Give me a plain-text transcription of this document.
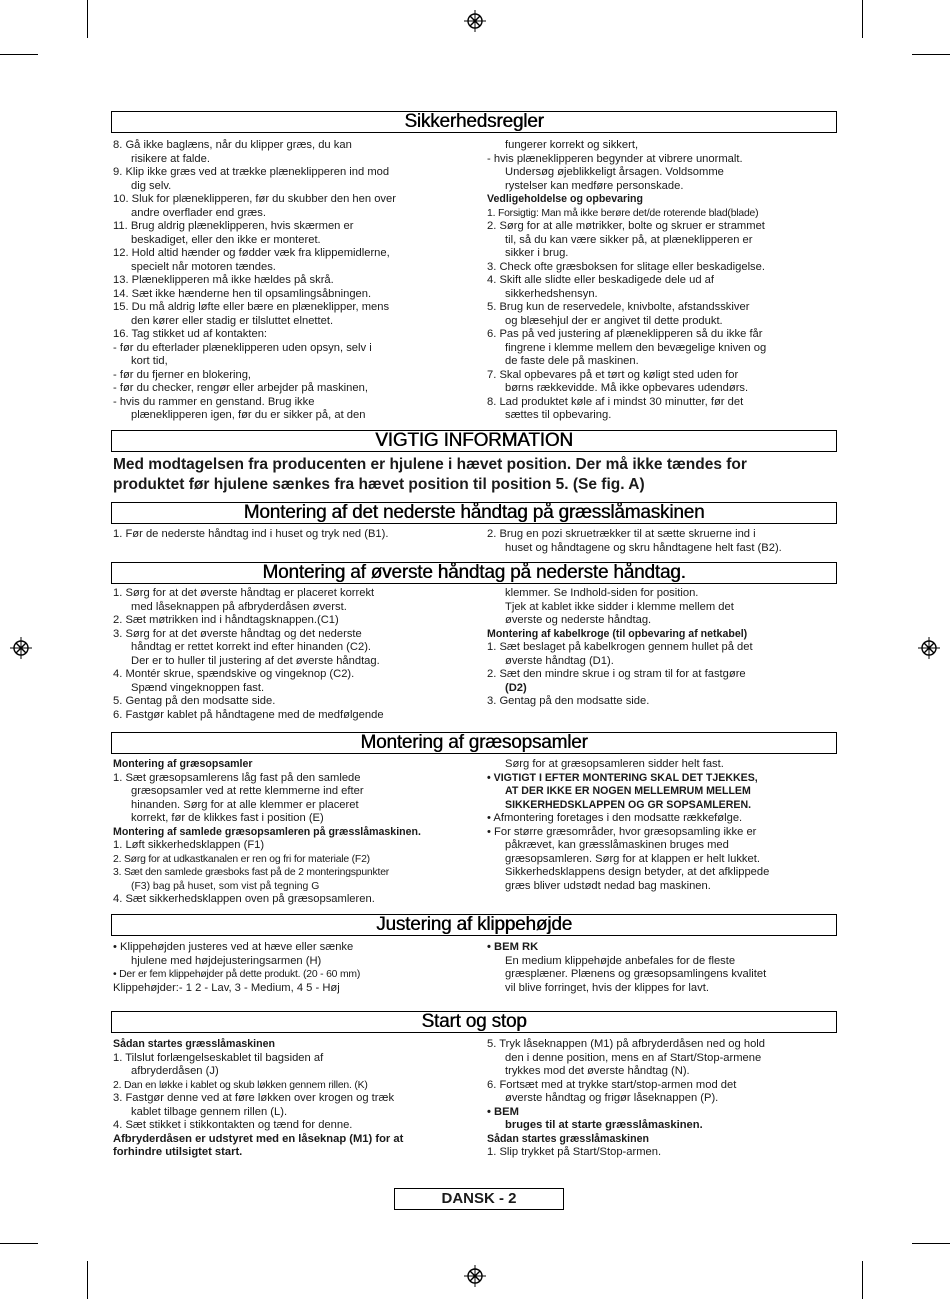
Sikkerhedsregler

8. Gå ikke baglæns, når du klipper græs, du kan

risikere at falde.

9. Klip ikke græs ved at trække plæneklipperen ind mod

dig selv.

10. Sluk for plæneklipperen, før du skubber den hen over

andre overflader end græs.

11. Brug aldrig plæneklipperen, hvis skærmen er

beskadiget, eller den ikke er monteret.

12. Hold altid hænder og fødder væk fra klippemidlerne,

specielt når motoren tændes.

13. Plæneklipperen må ikke hældes på skrå.

14. Sæt ikke hænderne hen til opsamlingsåbningen.

15. Du må aldrig løfte eller bære en plæneklipper, mens

den kører eller stadig er tilsluttet elnettet.

16. Tag stikket ud af kontakten:

- før du efterlader plæneklipperen uden opsyn, selv i

kort tid,

- før du fjerner en blokering,

- før du checker, rengør eller arbejder på maskinen,

- hvis du rammer en genstand. Brug ikke

plæneklipperen igen, før du er sikker på, at den

fungerer korrekt og sikkert,

- hvis plæneklipperen begynder at vibrere unormalt.

Undersøg øjeblikkeligt årsagen. Voldsomme

rystelser kan medføre personskade.

Vedligeholdelse og opbevaring

1. Forsigtig: Man må ikke berøre det/de roterende blad(blade)

2. Sørg for at alle møtrikker, bolte og skruer er strammet

til, så du kan være sikker på, at plæneklipperen er

sikker i brug.

3. Check ofte græsboksen for slitage eller beskadigelse.

4. Skift alle slidte eller beskadigede dele ud af

sikkerhedshensyn.

5. Brug kun de reservedele, knivbolte, afstandsskiver

og blæsehjul der er angivet til dette produkt.

6. Pas på ved justering af plæneklipperen så du ikke får

fingrene i klemme mellem den bevægelige kniven og

de faste dele på maskinen.

7. Skal opbevares på et tørt og køligt sted uden for

børns rækkevidde. Må ikke opbevares udendørs.

8. Lad produktet køle af i mindst 30 minutter, før det

sættes til opbevaring.

VIGTIG INFORMATION

Med modtagelsen fra producenten er hjulene i hævet position. Der må ikke tændes for

produktet før hjulene sænkes fra hævet position til position 5. (Se fig. A)

Montering af det nederste håndtag på græsslåmaskinen

1. Før de nederste håndtag ind i huset og tryk ned (B1).	2. Brug en pozi skruetrækker til at sætte skruerne ind i

huset og håndtagene og skru håndtagene helt fast (B2).

Montering af øverste håndtag på nederste håndtag.

1. Sørg for at det øverste håndtag er placeret korrekt

med låseknappen på afbryderdåsen øverst.

2. Sæt møtrikken ind i håndtagsknappen.(C1)

3. Sørg for at det øverste håndtag og det nederste

håndtag er rettet korrekt ind efter hinanden (C2).

Der er to huller til justering af det øverste håndtag.

4. Montér skrue, spændskive og vingeknop (C2).

Spænd vingeknoppen fast.

5. Gentag på den modsatte side.

6. Fastgør kablet på håndtagene med de medfølgende

klemmer. Se Indhold-siden for position.

Tjek at kablet ikke sidder i klemme mellem det

øverste og nederste håndtag.

Montering af kabelkroge (til opbevaring af netkabel)

1. Sæt beslaget på kabelkrogen gennem hullet på det

øverste håndtag (D1).

2. Sæt den mindre skrue i og stram til for at fastgøre

(D2)

3. Gentag på den modsatte side.

Montering af græsopsamler

Montering af græsopsamler

1. Sæt græsopsamlerens låg fast på den samlede

græsopsamler ved at rette klemmerne ind efter

hinanden. Sørg for at alle klemmer er placeret

korrekt, før de klikkes fast i position (E)

Montering af samlede græsopsamleren på græsslåmaskinen.

1. Løft sikkerhedsklappen (F1)

2. Sørg for at udkastkanalen er ren og fri for materiale (F2)

3. Sæt den samlede græsboks fast på de 2 monteringspunkter

(F3) bag på huset, som vist på tegning G

4. Sæt sikkerhedsklappen oven på græsopsamleren.

Sørg for at græsopsamleren sidder helt fast.

• VIGTIGT I EFTER MONTERING SKAL DET TJEKKES,

AT DER IKKE ER NOGEN MELLEMRUM MELLEM

SIKKERHEDSKLAPPEN OG GR SOPSAMLEREN.

• Afmontering foretages i den modsatte rækkefølge.

• For større græsområder, hvor græsopsamling ikke er

påkrævet, kan græsslåmaskinen bruges med

græsopsamleren. Sørg for at klappen er helt lukket.

Sikkerhedsklappens design betyder, at det afklippede

græs bliver udstødt nedad bag maskinen.

Justering af klippehøjde

• Klippehøjden justeres ved at hæve eller sænke

hjulene med højdejusteringsarmen (H)

• Der er fem klippehøjder på dette produkt. (20 - 60 mm)

Klippehøjder:- 1 2 - Lav, 3 - Medium, 4 5 - Høj

• BEM RK

En medium klippehøjde anbefales for de fleste

græsplæner. Plænens og græsopsamlingens kvalitet

vil blive forringet, hvis der klippes for lavt.

Start og stop

Sådan startes græsslåmaskinen

1. Tilslut forlængelseskablet til bagsiden af

afbryderdåsen (J)

2. Dan en løkke i kablet og skub løkken gennem rillen. (K)

3. Fastgør denne ved at føre løkken over krogen og træk

kablet tilbage gennem rillen (L).

4. Sæt stikket i stikkontakten og tænd for denne.

Afbryderdåsen er udstyret med en låseknap (M1) for at

forhindre utilsigtet start.

5. Tryk låseknappen (M1) på afbryderdåsen ned og hold

den i denne position, mens en af Start/Stop-armene

trykkes mod det øverste håndtag (N).

6. Fortsæt med at trykke start/stop-armen mod det

øverste håndtag og frigør låseknappen (P).

• BEM

bruges til at starte græsslåmaskinen.

Sådan startes græsslåmaskinen

1. Slip trykket på Start/Stop-armen.

DANSK - 2
